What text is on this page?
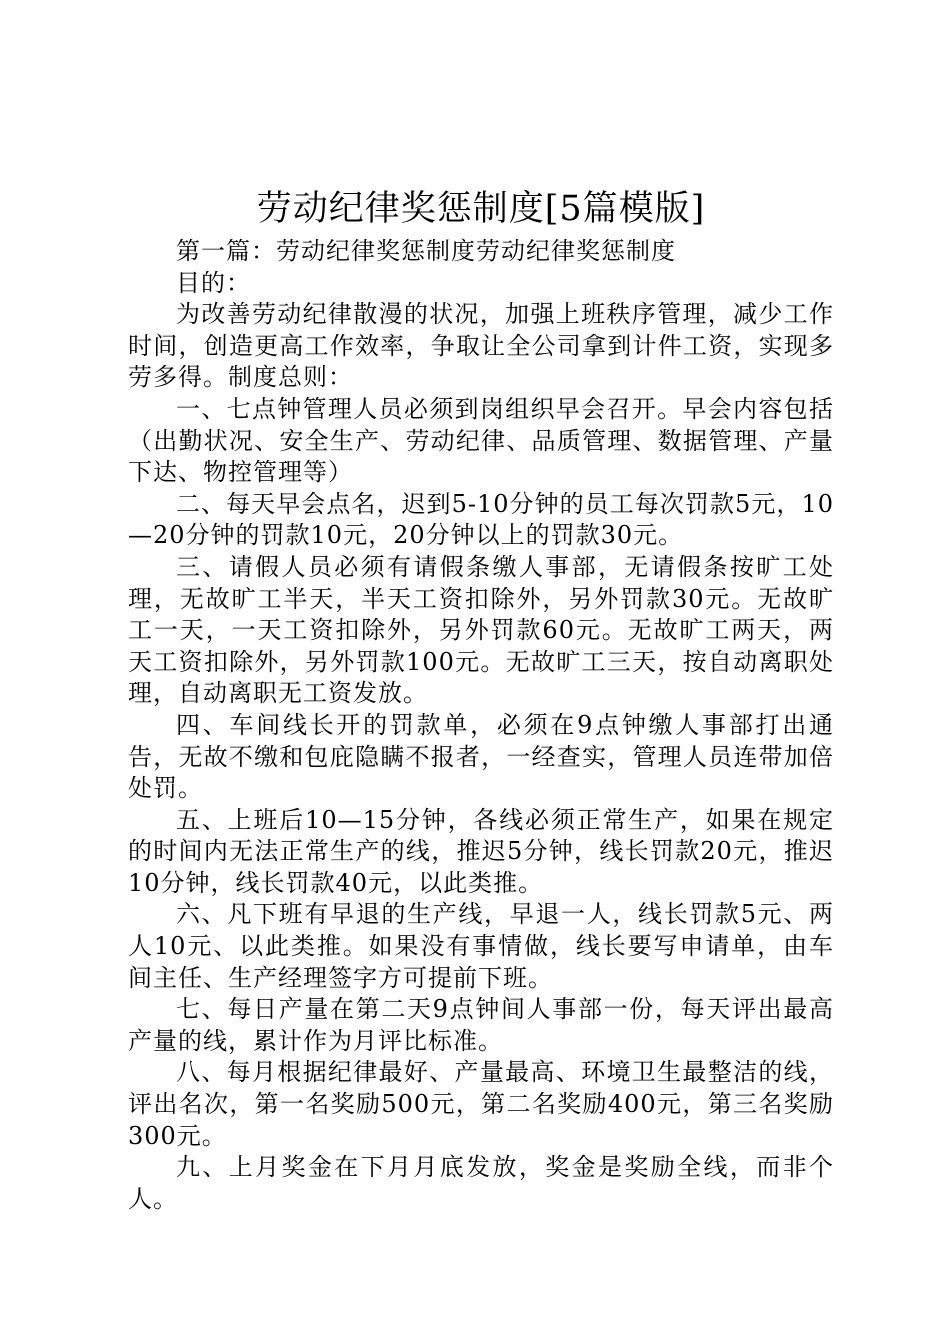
劳动纪律奖惩制度[5篇模版]

第一篇：劳动纪律奖惩制度劳动纪律奖惩制度

目的：

为改善劳动纪律散漫的状况，加强上班秩序管理，减少工作时间，创造更高工作效率，争取让全公司拿到计件工资，实现多劳多得。制度总则：

一、七点钟管理人员必须到岗组织早会召开。早会内容包括（出勤状况、安全生产、劳动纪律、品质管理、数据管理、产量下达、物控管理等）

二、每天早会点名，迟到5-10分钟的员工每次罚款5元，10—20分钟的罚款10元，20分钟以上的罚款30元。

三、请假人员必须有请假条缴人事部，无请假条按旷工处理，无故旷工半天，半天工资扣除外，另外罚款30元。无故旷工一天，一天工资扣除外，另外罚款60元。无故旷工两天，两天工资扣除外，另外罚款100元。无故旷工三天，按自动离职处理，自动离职无工资发放。

四、车间线长开的罚款单，必须在9点钟缴人事部打出通告，无故不缴和包庇隐瞒不报者，一经查实，管理人员连带加倍处罚。

五、上班后10—15分钟，各线必须正常生产，如果在规定的时间内无法正常生产的线，推迟5分钟，线长罚款20元，推迟10分钟，线长罚款40元，以此类推。

六、凡下班有早退的生产线，早退一人，线长罚款5元、两人10元、以此类推。如果没有事情做，线长要写申请单，由车间主任、生产经理签字方可提前下班。

七、每日产量在第二天9点钟间人事部一份，每天评出最高产量的线，累计作为月评比标准。

八、每月根据纪律最好、产量最高、环境卫生最整洁的线，评出名次，第一名奖励500元，第二名奖励400元，第三名奖励300元。

九、上月奖金在下月月底发放，奖金是奖励全线，而非个人。
